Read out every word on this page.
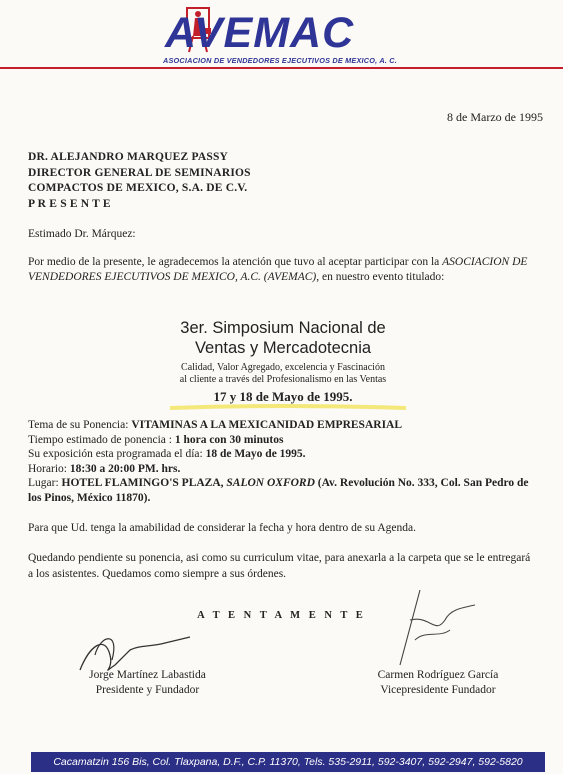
AVEMAC
ASOCIACION DE VENDEDORES EJECUTIVOS DE MEXICO, A. C.
8 de Marzo de 1995
DR. ALEJANDRO MARQUEZ PASSY
DIRECTOR GENERAL DE SEMINARIOS
COMPACTOS DE MEXICO, S.A. DE C.V.
P R E S E N T E
Estimado Dr. Márquez:
Por medio de la presente, le agradecemos la atención que tuvo al aceptar participar con la ASOCIACION DE VENDEDORES EJECUTIVOS DE MEXICO, A.C. (AVEMAC), en nuestro evento titulado:
3er. Simposium Nacional de
Ventas y Mercadotecnia
Calidad, Valor Agregado, excelencia y Fascinación
al cliente a través del Profesionalismo en las Ventas
17 y 18 de Mayo de 1995.
Tema de su Ponencia: VITAMINAS A LA MEXICANIDAD EMPRESARIAL
Tiempo estimado de ponencia : 1 hora con 30 minutos
Su exposición esta programada el día: 18 de Mayo de 1995.
Horario: 18:30 a 20:00 PM. hrs.
Lugar: HOTEL FLAMINGO'S PLAZA, SALON OXFORD (Av. Revolución No. 333, Col. San Pedro de los Pinos, México 11870).
Para que Ud. tenga la amabilidad de considerar la fecha y hora dentro de su Agenda.
Quedando pendiente su ponencia, asi como su curriculum vitae, para anexarla a la carpeta que se le entregará a los asistentes. Quedamos como siempre a sus órdenes.
A T E N T A M E N T E
Jorge Martínez Labastida
Presidente y Fundador
Carmen Rodríguez García
Vicepresidente Fundador
Cacamatzin 156 Bis, Col. Tlaxpana, D.F., C.P. 11370, Tels. 535-2911, 592-3407, 592-2947, 592-5820
